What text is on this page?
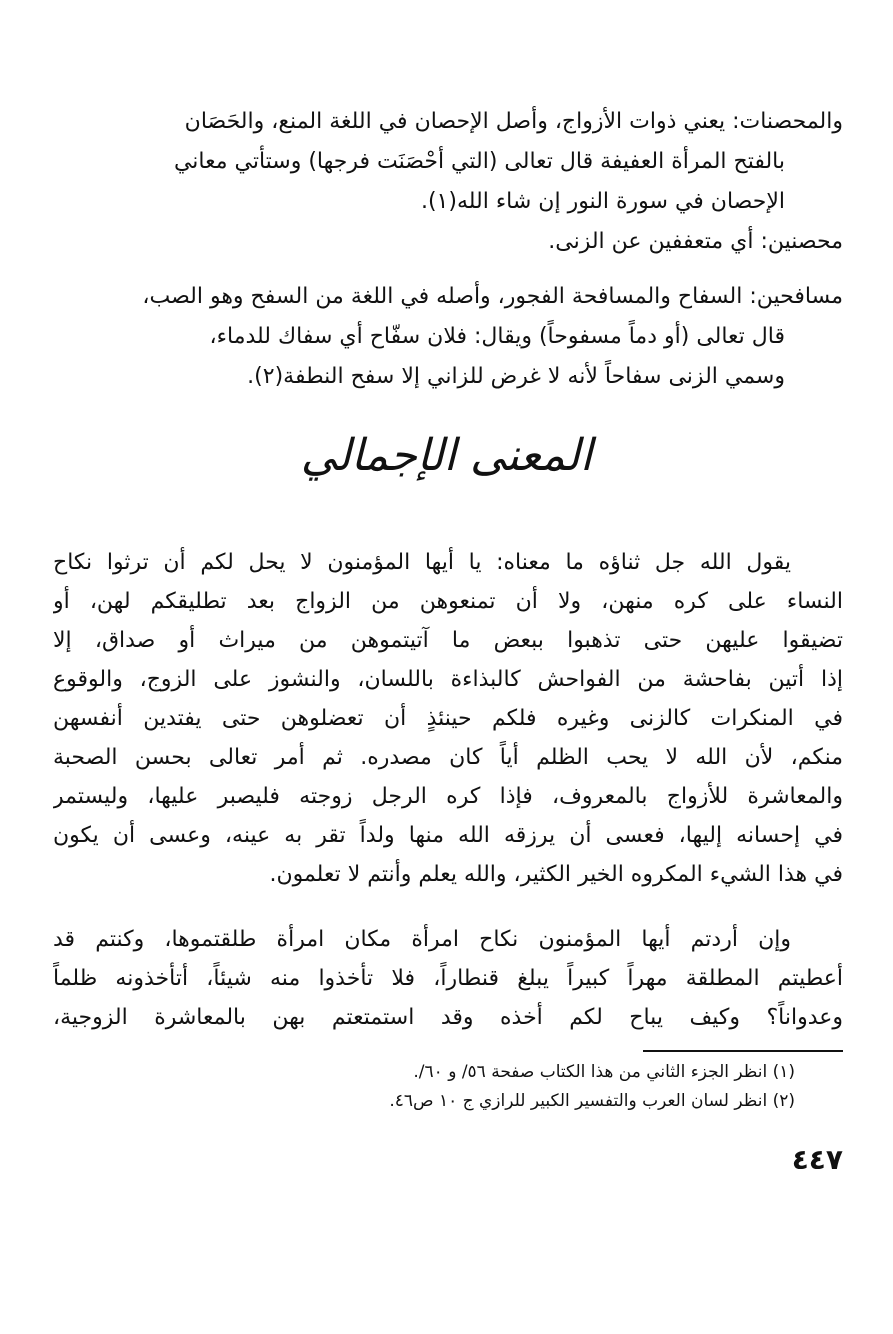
والمحصنات: يعني ذوات الأزواج، وأصل الإحصان في اللغة المنع، والحَصَان
بالفتح المرأة العفيفة قال تعالى (التي أحْصَنَت فرجها) وستأتي معاني
الإحصان في سورة النور إن شاء الله(١).
محصنين: أي متعففين عن الزنى.
مسافحين: السفاح والمسافحة الفجور، وأصله في اللغة من السفح وهو الصب،
قال تعالى (أو دماً مسفوحاً) ويقال: فلان سفّاح أي سفاك للدماء،
وسمي الزنى سفاحاً لأنه لا غرض للزاني إلا سفح النطفة(٢).
المعنى الإجمالي
يقول الله جل ثناؤه ما معناه: يا أيها المؤمنون لا يحل لكم أن ترثوا نكاح
النساء على كره منهن، ولا أن تمنعوهن من الزواج بعد تطليقكم لهن، أو
تضيقوا عليهن حتى تذهبوا ببعض ما آتيتموهن من ميراث أو صداق، إلا
إذا أتين بفاحشة من الفواحش كالبذاءة باللسان، والنشوز على الزوج، والوقوع
في المنكرات كالزنى وغيره فلكم حينئذٍ أن تعضلوهن حتى يفتدين أنفسهن
منكم، لأن الله لا يحب الظلم أياً كان مصدره. ثم أمر تعالى بحسن الصحبة
والمعاشرة للأزواج بالمعروف، فإذا كره الرجل زوجته فليصبر عليها، وليستمر
في إحسانه إليها، فعسى أن يرزقه الله منها ولداً تقر به عينه، وعسى أن يكون
في هذا الشيء المكروه الخير الكثير، والله يعلم وأنتم لا تعلمون.
وإن أردتم أيها المؤمنون نكاح امرأة مكان امرأة طلقتموها، وكنتم قد
أعطيتم المطلقة مهراً كبيراً يبلغ قنطاراً، فلا تأخذوا منه شيئاً، أتأخذونه ظلماً
وعدواناً؟ وكيف يباح لكم أخذه وقد استمتعتم بهن بالمعاشرة الزوجية،
(١) انظر الجزء الثاني من هذا الكتاب صفحة ٥٦/ و ٦٠/.
(٢) انظر لسان العرب والتفسير الكبير للرازي ج ١٠ ص٤٦.
٤٤٧
